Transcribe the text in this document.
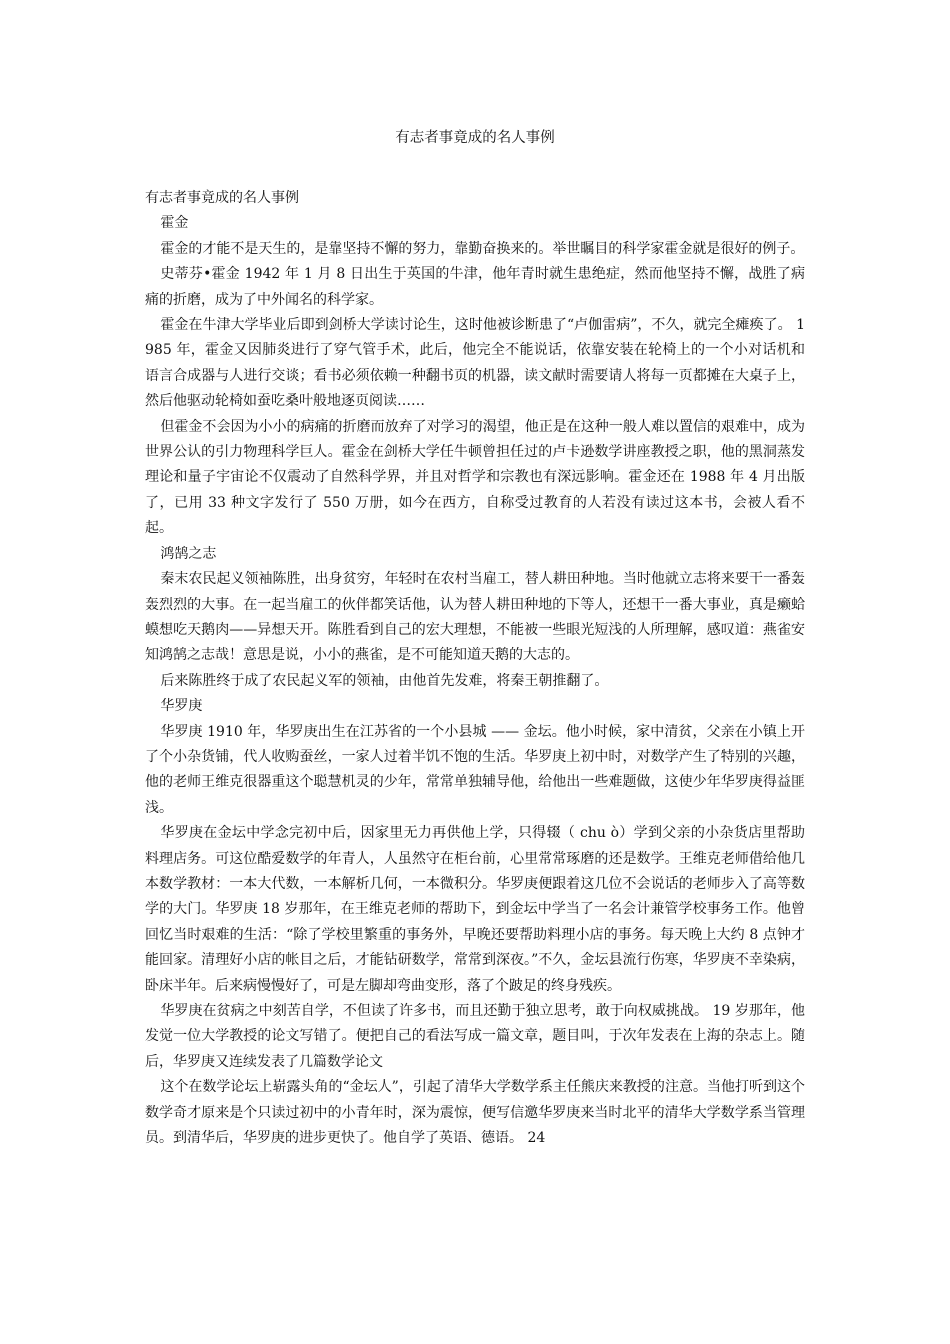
有志者事竟成的名人事例

有志者事竟成的名人事例

霍金

霍金的才能不是天生的，是靠坚持不懈的努力，靠勤奋换来的。举世瞩目的科学家霍金就是很好的例子。

史蒂芬•霍金 1942 年 1 月 8 日出生于英国的牛津，他年青时就生患绝症，然而他坚持不懈，战胜了病痛的折磨，成为了中外闻名的科学家。

霍金在牛津大学毕业后即到剑桥大学读讨论生，这时他被诊断患了“卢伽雷病”，不久，就完全瘫痪了。 1985 年，霍金又因肺炎进行了穿气管手术，此后，他完全不能说话，依靠安装在轮椅上的一个小对话机和语言合成器与人进行交谈；看书必须依赖一种翻书页的机器，读文献时需要请人将每一页都摊在大桌子上，然后他驱动轮椅如蚕吃桑叶般地逐页阅读……

但霍金不会因为小小的病痛的折磨而放弃了对学习的渴望，他正是在这种一般人难以置信的艰难中，成为世界公认的引力物理科学巨人。霍金在剑桥大学任牛顿曾担任过的卢卡逊数学讲座教授之职，他的黑洞蒸发理论和量子宇宙论不仅震动了自然科学界，并且对哲学和宗教也有深远影响。霍金还在 1988 年 4 月出版了，已用 33 种文字发行了 550 万册，如今在西方，自称受过教育的人若没有读过这本书，会被人看不起。

鸿鹄之志

秦末农民起义领袖陈胜，出身贫穷，年轻时在农村当雇工，替人耕田种地。当时他就立志将来要干一番轰轰烈烈的大事。在一起当雇工的伙伴都笑话他，认为替人耕田种地的下等人，还想干一番大事业，真是癞蛤蟆想吃天鹅肉——异想天开。陈胜看到自己的宏大理想，不能被一些眼光短浅的人所理解，感叹道：燕雀安知鸿鹄之志哉！意思是说，小小的燕雀，是不可能知道天鹅的大志的。

后来陈胜终于成了农民起义军的领袖，由他首先发难，将秦王朝推翻了。

华罗庚

华罗庚 1910 年，华罗庚出生在江苏省的一个小县城 —— 金坛。他小时候，家中清贫，父亲在小镇上开了个小杂货铺，代人收购蚕丝，一家人过着半饥不饱的生活。华罗庚上初中时，对数学产生了特别的兴趣，他的老师王维克很器重这个聪慧机灵的少年，常常单独辅导他，给他出一些难题做，这使少年华罗庚得益匪浅。

华罗庚在金坛中学念完初中后，因家里无力再供他上学，只得辍（ chu ò）学到父亲的小杂货店里帮助料理店务。可这位酷爱数学的年青人，人虽然守在柜台前，心里常常琢磨的还是数学。王维克老师借给他几本数学教材：一本大代数，一本解析几何，一本微积分。华罗庚便跟着这几位不会说话的老师步入了高等数学的大门。华罗庚 18 岁那年，在王维克老师的帮助下，到金坛中学当了一名会计兼管学校事务工作。他曾回忆当时艰难的生活：“除了学校里繁重的事务外，早晚还要帮助料理小店的事务。每天晚上大约 8 点钟才能回家。清理好小店的帐目之后，才能钻研数学，常常到深夜。”不久，金坛县流行伤寒，华罗庚不幸染病，卧床半年。后来病慢慢好了，可是左脚却弯曲变形，落了个跛足的终身残疾。

华罗庚在贫病之中刻苦自学，不但读了许多书，而且还勤于独立思考，敢于向权威挑战。 19 岁那年，他发觉一位大学教授的论文写错了。便把自己的看法写成一篇文章，题目叫，于次年发表在上海的杂志上。随后，华罗庚又连续发表了几篇数学论文

这个在数学论坛上崭露头角的“金坛人”，引起了清华大学数学系主任熊庆来教授的注意。当他打听到这个数学奇才原来是个只读过初中的小青年时，深为震惊，便写信邀华罗庚来当时北平的清华大学数学系当管理员。到清华后，华罗庚的进步更快了。他自学了英语、德语。 24
